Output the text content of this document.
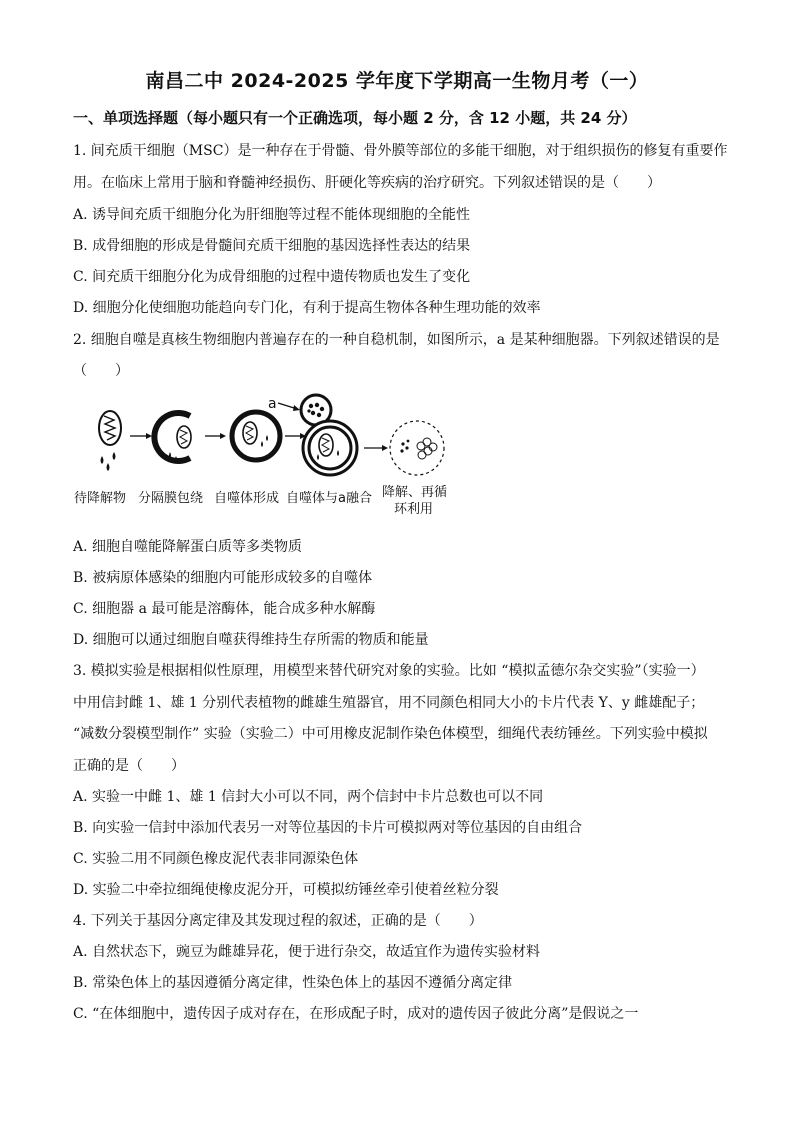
南昌二中 2024-2025 学年度下学期高一生物月考（一）
一、单项选择题（每小题只有一个正确选项，每小题 2 分，含 12 小题，共 24 分）
1. 间充质干细胞（MSC）是一种存在于骨髓、骨外膜等部位的多能干细胞，对于组织损伤的修复有重要作
用。在临床上常用于脑和脊髓神经损伤、肝硬化等疾病的治疗研究。下列叙述错误的是（　　）
A. 诱导间充质干细胞分化为肝细胞等过程不能体现细胞的全能性
B. 成骨细胞的形成是骨髓间充质干细胞的基因选择性表达的结果
C. 间充质干细胞分化为成骨细胞的过程中遗传物质也发生了变化
D. 细胞分化使细胞功能趋向专门化，有利于提高生物体各种生理功能的效率
2. 细胞自噬是真核生物细胞内普遍存在的一种自稳机制，如图所示，a 是某种细胞器。下列叙述错误的是
（　　）
a
待降解物 分隔膜包绕 自噬体形成 自噬体与a融合 降解、再循
环利用
A. 细胞自噬能降解蛋白质等多类物质
B. 被病原体感染的细胞内可能形成较多的自噬体
C. 细胞器 a 最可能是溶酶体，能合成多种水解酶
D. 细胞可以通过细胞自噬获得维持生存所需的物质和能量
3. 模拟实验是根据相似性原理，用模型来替代研究对象的实验。比如 “模拟孟德尔杂交实验”（实验一）
中用信封雌 1、雄 1 分别代表植物的雌雄生殖器官，用不同颜色相同大小的卡片代表 Y、y 雌雄配子；
“减数分裂模型制作” 实验（实验二）中可用橡皮泥制作染色体模型，细绳代表纺锤丝。下列实验中模拟
正确的是（　　）
A. 实验一中雌 1、雄 1 信封大小可以不同，两个信封中卡片总数也可以不同
B. 向实验一信封中添加代表另一对等位基因的卡片可模拟两对等位基因的自由组合
C. 实验二用不同颜色橡皮泥代表非同源染色体
D. 实验二中牵拉细绳使橡皮泥分开，可模拟纺锤丝牵引使着丝粒分裂
4. 下列关于基因分离定律及其发现过程的叙述，正确的是（　　）
A. 自然状态下，豌豆为雌雄异花，便于进行杂交，故适宜作为遗传实验材料
B. 常染色体上的基因遵循分离定律，性染色体上的基因不遵循分离定律
C. “在体细胞中，遗传因子成对存在，在形成配子时，成对的遗传因子彼此分离”是假说之一
